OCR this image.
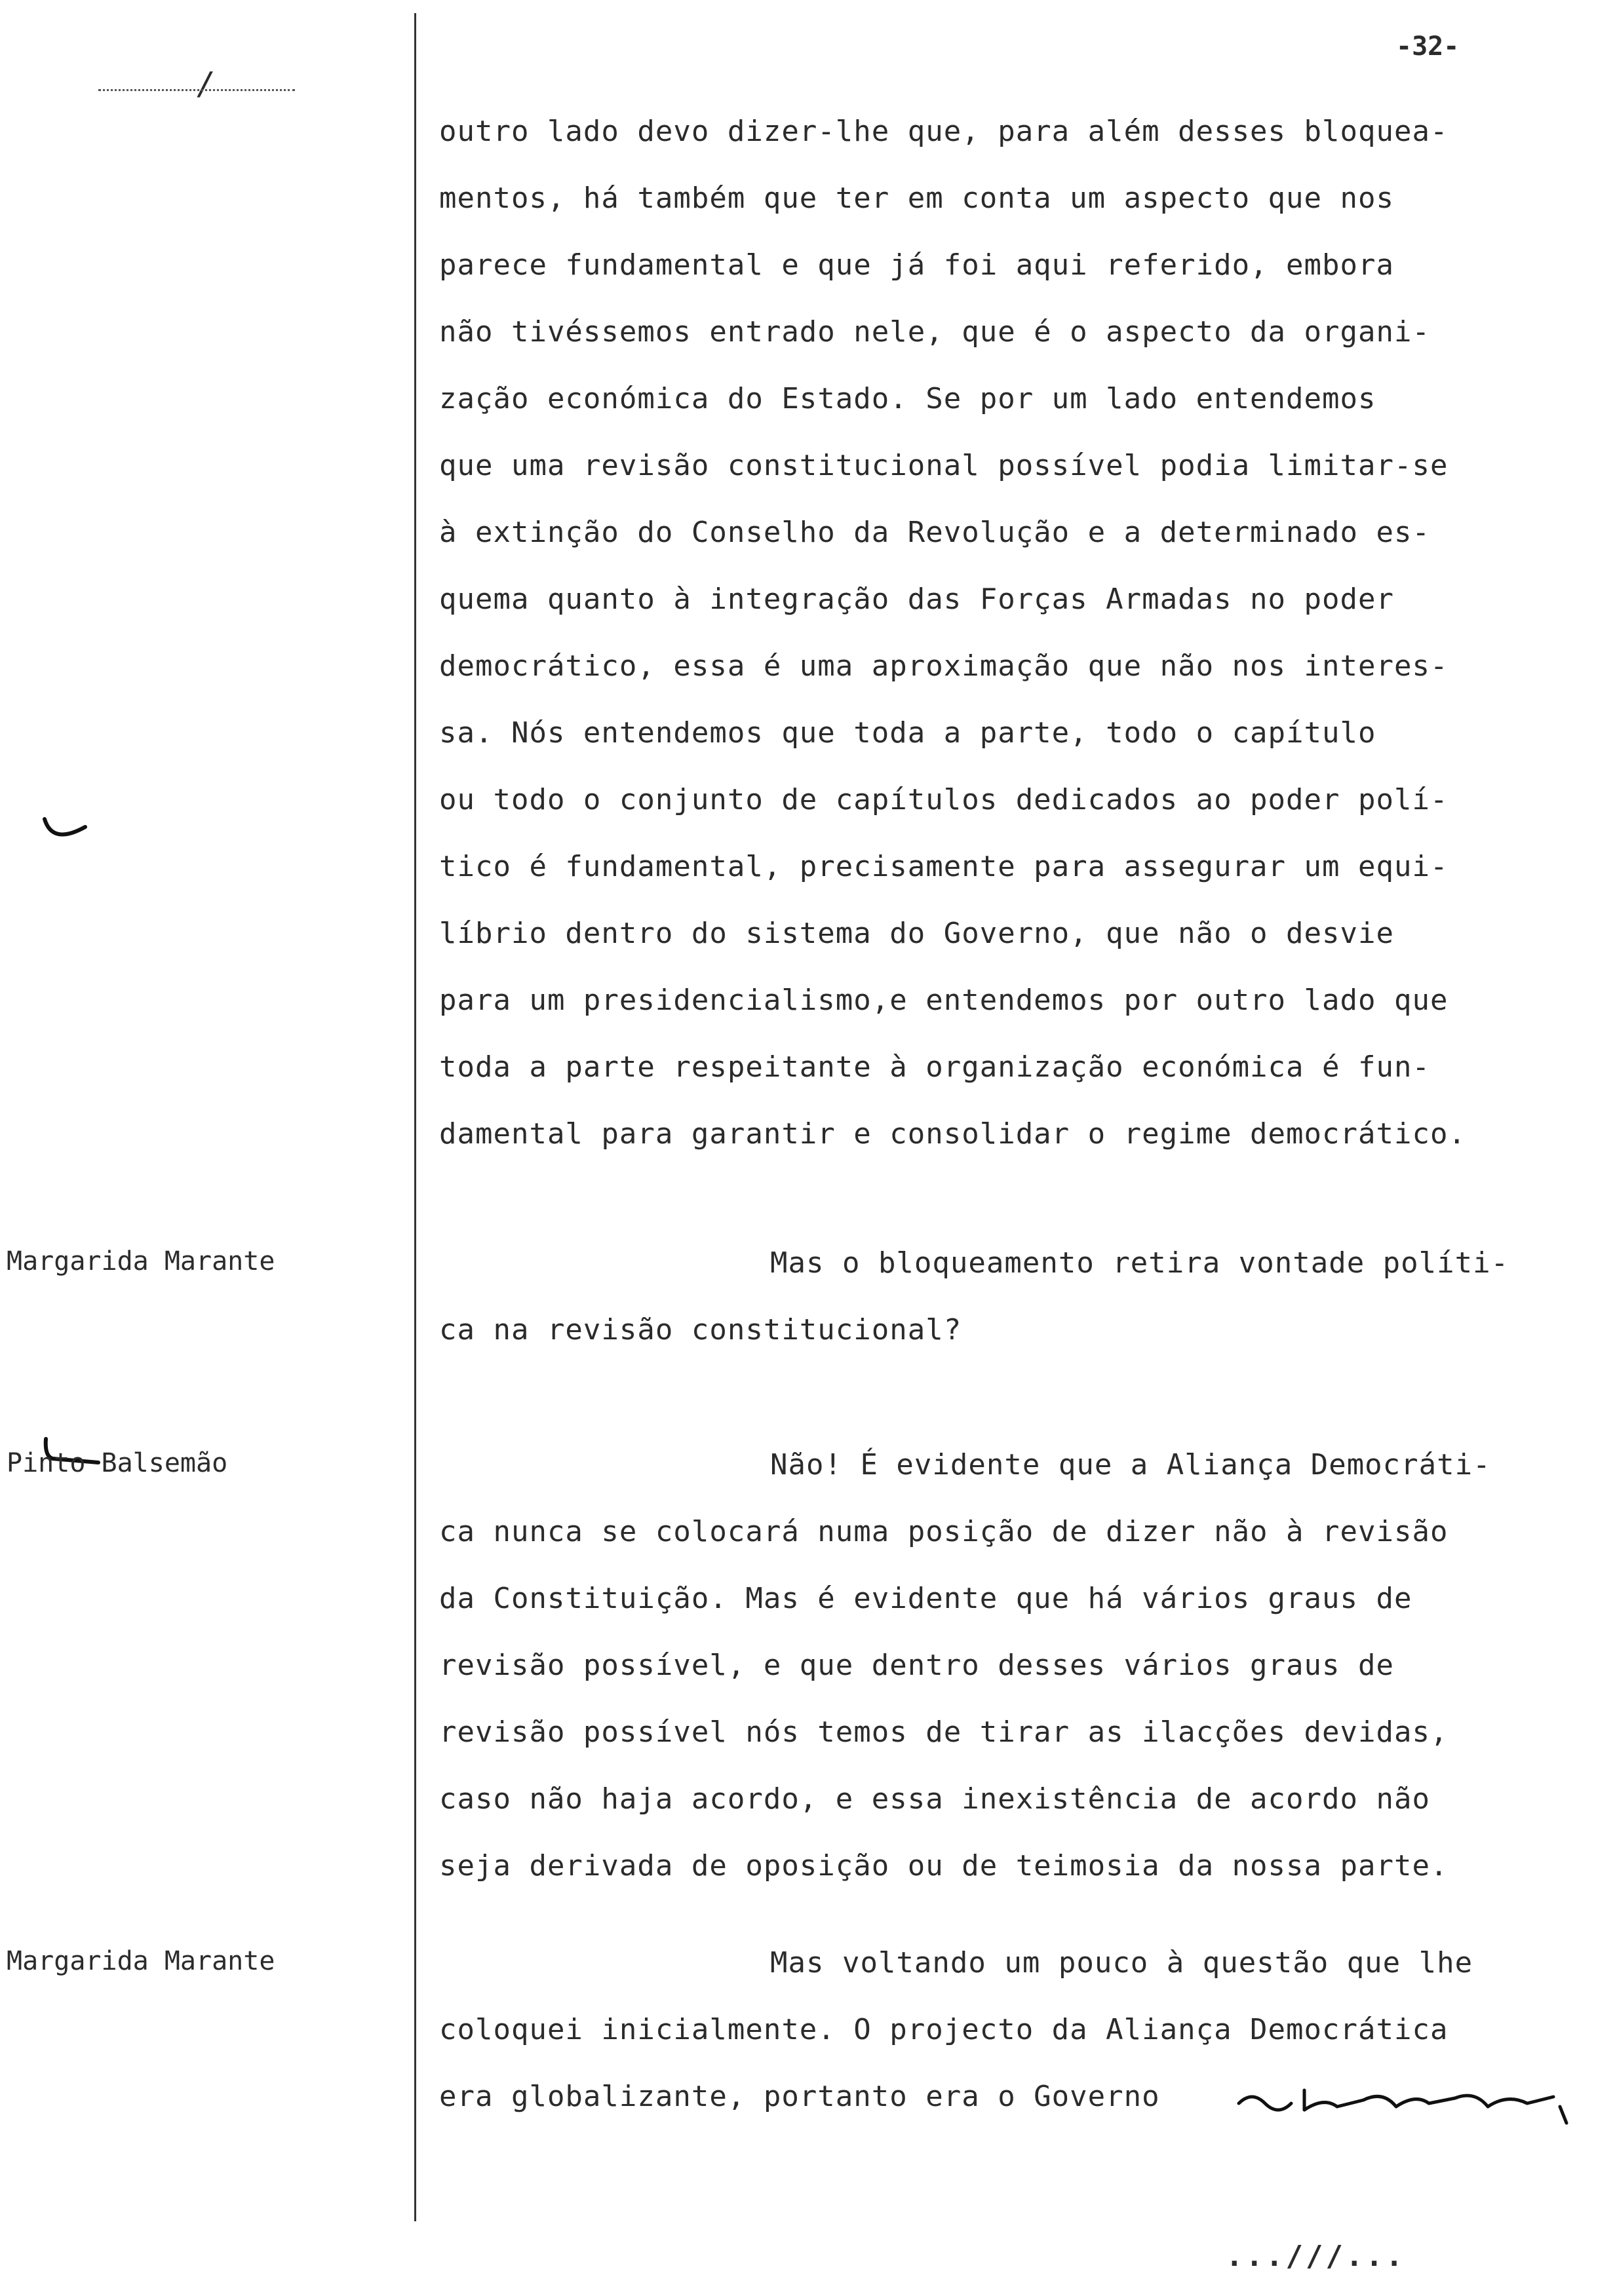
-32-
/
Margarida Marante
Pinto Balsemão
Margarida Marante
outro lado devo dizer-lhe que, para além desses bloquea-
mentos, há também que ter em conta um aspecto que nos
parece fundamental e que já foi aqui referido, embora
não tivéssemos entrado nele, que é o aspecto da organi-
zação económica do Estado. Se por um lado entendemos
que uma revisão constitucional possível podia limitar-se
à extinção do Conselho da Revolução e a determinado es-
quema quanto à integração das Forças Armadas no poder
democrático, essa é uma aproximação que não nos interes-
sa. Nós entendemos que toda a parte, todo o capítulo
ou todo o conjunto de capítulos dedicados ao poder polí-
tico é fundamental, precisamente para assegurar um equi-
líbrio dentro do sistema do Governo, que não o desvie
para um presidencialismo,e entendemos por outro lado que
toda a parte respeitante à organização económica é fun-
damental para garantir e consolidar o regime democrático.
Mas o bloqueamento retira vontade políti-
ca na revisão constitucional?
Não! É evidente que a Aliança Democráti-
ca nunca se colocará numa posição de dizer não à revisão
da Constituição. Mas é evidente que há vários graus de
revisão possível, e que dentro desses vários graus de
revisão possível nós temos de tirar as ilacções devidas,
caso não haja acordo, e essa inexistência de acordo não
seja derivada de oposição ou de teimosia da nossa parte.
Mas voltando um pouco à questão que lhe
coloquei inicialmente. O projecto da Aliança Democrática
era globalizante, portanto era o Governo
...///...
